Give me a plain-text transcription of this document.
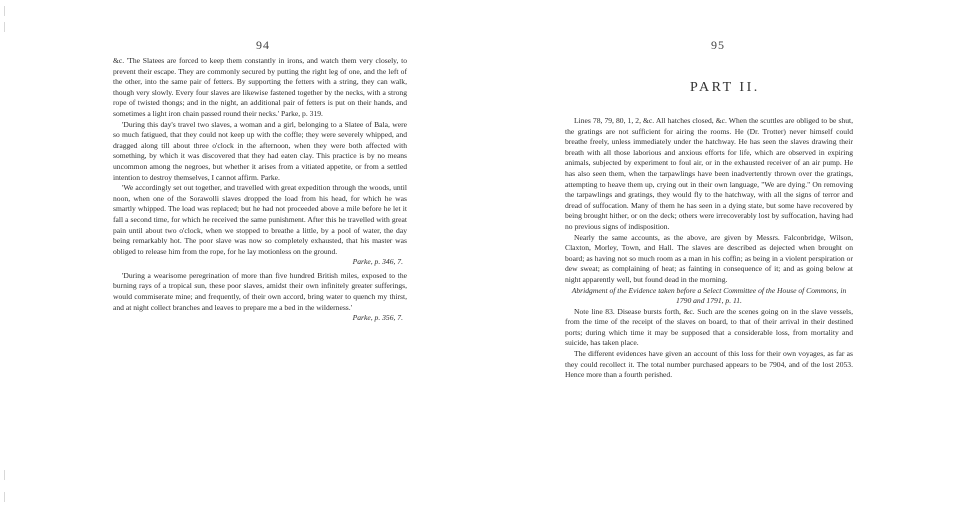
94

&c. 'The Slatees are forced to keep them constantly in irons, and watch them very closely, to prevent their escape. They are commonly secured by putting the right leg of one, and the left of the other, into the same pair of fetters. By supporting the fetters with a string, they can walk, though very slowly. Every four slaves are likewise fastened together by the necks, with a strong rope of twisted thongs; and in the night, an additional pair of fetters is put on their hands, and sometimes a light iron chain passed round their necks.' Parke, p. 319.

'During this day's travel two slaves, a woman and a girl, belonging to a Slatee of Bala, were so much fatigued, that they could not keep up with the coffle; they were severely whipped, and dragged along till about three o'clock in the afternoon, when they were both affected with something, by which it was discovered that they had eaten clay. This practice is by no means uncommon among the negroes, but whether it arises from a vitiated appetite, or from a settled intention to destroy themselves, I cannot affirm. Parke.

'We accordingly set out together, and travelled with great expedition through the woods, until noon, when one of the Sorawolli slaves dropped the load from his head, for which he was smartly whipped. The load was replaced; but he had not proceeded above a mile before he let it fall a second time, for which he received the same punishment. After this he travelled with great pain until about two o'clock, when we stopped to breathe a little, by a pool of water, the day being remarkably hot. The poor slave was now so completely exhausted, that his master was obliged to release him from the rope, for he lay motionless on the ground.

Parke, p. 346, 7.

'During a wearisome peregrination of more than five hundred British miles, exposed to the burning rays of a tropical sun, these poor slaves, amidst their own infinitely greater sufferings, would commiserate mine; and frequently, of their own accord, bring water to quench my thirst, and at night collect branches and leaves to prepare me a bed in the wilderness.'

Parke, p. 356, 7.

95
PART II.

Lines 78, 79, 80, 1, 2, &c. All hatches closed, &c. When the scuttles are obliged to be shut, the gratings are not sufficient for airing the rooms. He (Dr. Trotter) never himself could breathe freely, unless immediately under the hatchway. He has seen the slaves drawing their breath with all those laborious and anxious efforts for life, which are observed in expiring animals, subjected by experiment to foul air, or in the exhausted receiver of an air pump. He has also seen them, when the tarpawlings have been inadvertently thrown over the gratings, attempting to heave them up, crying out in their own language, "We are dying." On removing the tarpawlings and gratings, they would fly to the hatchway, with all the signs of terror and dread of suffocation. Many of them he has seen in a dying state, but some have recovered by being brought hither, or on the deck; others were irrecoverably lost by suffocation, having had no previous signs of indisposition.

Nearly the same accounts, as the above, are given by Messrs. Falconbridge, Wilson, Claxton, Morley, Town, and Hall. The slaves are described as dejected when brought on board; as having not so much room as a man in his coffin; as being in a violent perspiration or dew sweat; as complaining of heat; as fainting in consequence of it; and as going below at night apparently well, but found dead in the morning.

Abridgment of the Evidence taken before a Select Committee of the House of Commons, in 1790 and 1791, p. 11.

Note line 83. Disease bursts forth, &c. Such are the scenes going on in the slave vessels, from the time of the receipt of the slaves on board, to that of their arrival in their destined ports; during which time it may be supposed that a considerable loss, from mortality and suicide, has taken place.

The different evidences have given an account of this loss for their own voyages, as far as they could recollect it. The total number purchased appears to be 7904, and of the lost 2053. Hence more than a fourth perished.
